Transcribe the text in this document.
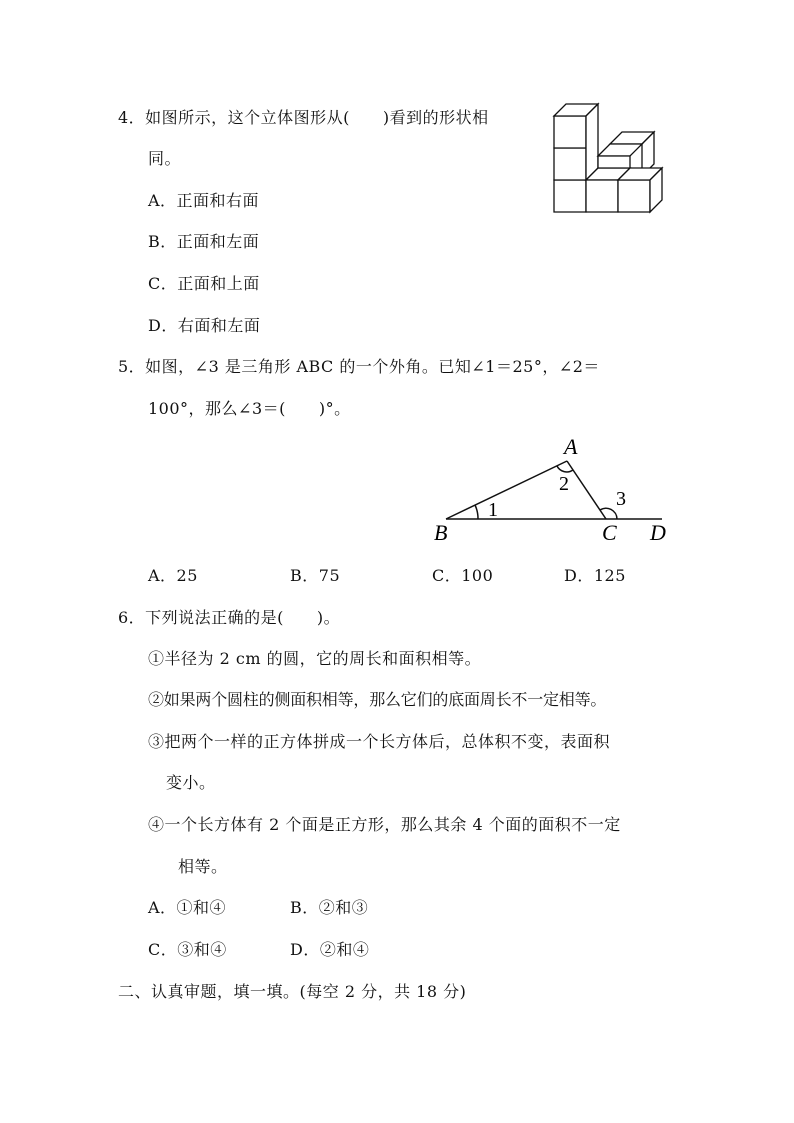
4．如图所示，这个立体图形从(　　)看到的形状相
同。
A．正面和右面
B．正面和左面
C．正面和上面
D．右面和左面
5．如图，∠3 是三角形 ABC 的一个外角。已知∠1＝25°，∠2＝
100°，那么∠3＝(　　)°。
A
B	C D
1
2
3
A．25	B．75	C．100	D．125
6．下列说法正确的是(　　)。
①半径为 2 cm 的圆，它的周长和面积相等。
②如果两个圆柱的侧面积相等，那么它们的底面周长不一定相等。
③把两个一样的正方体拼成一个长方体后，总体积不变，表面积
变小。
④一个长方体有 2 个面是正方形，那么其余 4 个面的面积不一定
相等。
A．①和④	B．②和③
C．③和④	D．②和④
二、认真审题，填一填。(每空 2 分，共 18 分)
